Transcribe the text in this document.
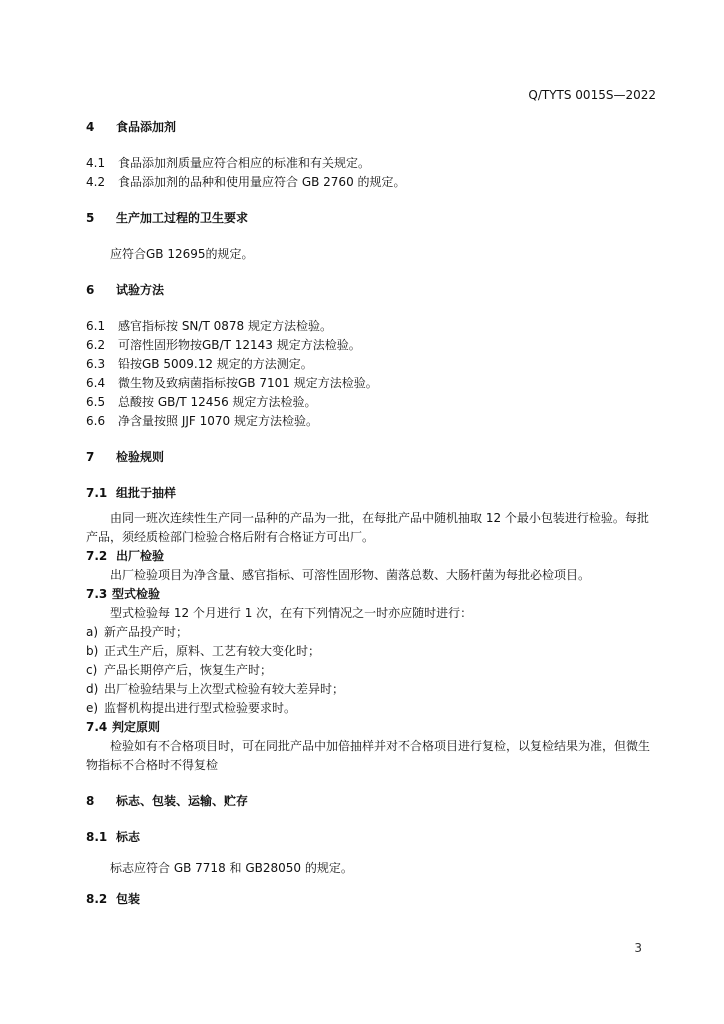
Q/TYTS 0015S—2022
4 食品添加剂
4.1 食品添加剂质量应符合相应的标准和有关规定。
4.2 食品添加剂的品种和使用量应符合 GB 2760 的规定。
5 生产加工过程的卫生要求
应符合GB 12695的规定。
6 试验方法
6.1 感官指标按 SN/T 0878 规定方法检验。
6.2 可溶性固形物按GB/T 12143 规定方法检验。
6.3 铅按GB 5009.12 规定的方法测定。
6.4 微生物及致病菌指标按GB 7101 规定方法检验。
6.5 总酸按 GB/T 12456 规定方法检验。
6.6 净含量按照 JJF 1070 规定方法检验。
7 检验规则
7.1 组批于抽样

由同一班次连续性生产同一品种的产品为一批，在每批产品中随机抽取 12 个最小包装进行检验。每批产品，须经质检部门检验合格后附有合格证方可出厂。

7.2 出厂检验

出厂检验项目为净含量、感官指标、可溶性固形物、菌落总数、大肠杆菌为每批必检项目。

7.3 型式检验

型式检验每 12 个月进行 1 次，在有下列情况之一时亦应随时进行：

a) 新产品投产时；
b) 正式生产后，原料、工艺有较大变化时；
c) 产品长期停产后，恢复生产时；
d) 出厂检验结果与上次型式检验有较大差异时；
e) 监督机构提出进行型式检验要求时。
7.4 判定原则

检验如有不合格项目时，可在同批产品中加倍抽样并对不合格项目进行复检，以复检结果为准，但微生物指标不合格时不得复检

8 标志、包装、运输、贮存
8.1 标志
标志应符合 GB 7718 和 GB28050 的规定。
8.2 包装
3
